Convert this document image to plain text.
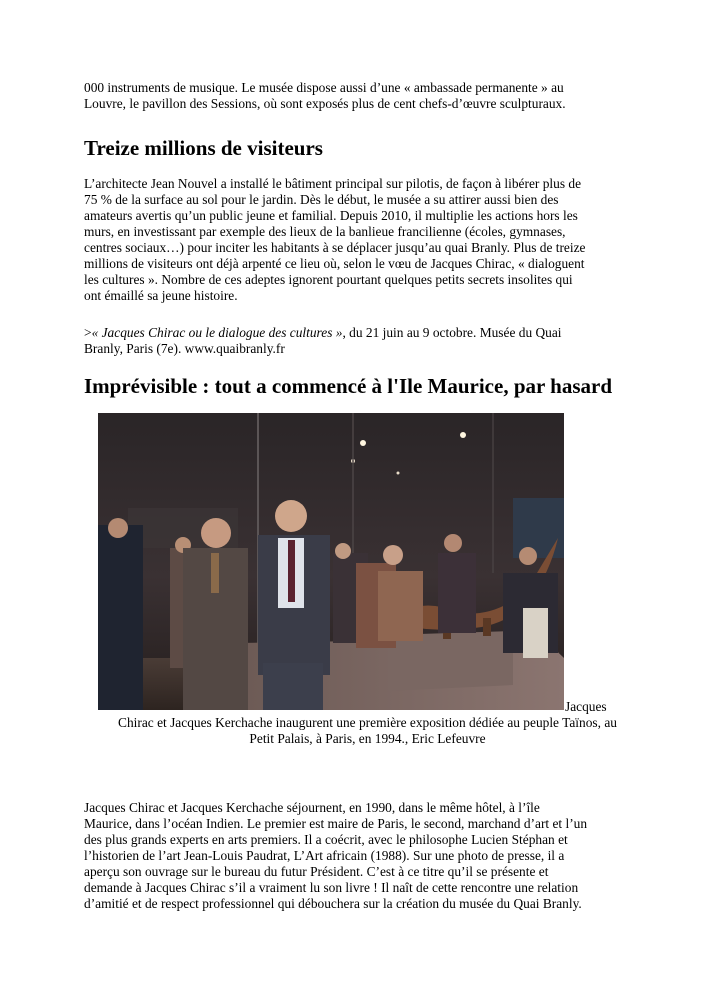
000 instruments de musique. Le musée dispose aussi d’une « ambassade permanente » au
Louvre, le pavillon des Sessions, où sont exposés plus de cent chefs-d’œuvre sculpturaux.

Treize millions de visiteurs

L’architecte Jean Nouvel a installé le bâtiment principal sur pilotis, de façon à libérer plus de
75 % de la surface au sol pour le jardin. Dès le début, le musée a su attirer aussi bien des
amateurs avertis qu’un public jeune et familial. Depuis 2010, il multiplie les actions hors les
murs, en investissant par exemple des lieux de la banlieue francilienne (écoles, gymnases,
centres sociaux…) pour inciter les habitants à se déplacer jusqu’au quai Branly. Plus de treize
millions de visiteurs ont déjà arpenté ce lieu où, selon le vœu de Jacques Chirac, « dialoguent
les cultures ». Nombre de ces adeptes ignorent pourtant quelques petits secrets insolites qui
ont émaillé sa jeune histoire.

>« Jacques Chirac ou le dialogue des cultures », du 21 juin au 9 octobre. Musée du Quai
Branly, Paris (7e). www.quaibranly.fr

Imprévisible : tout a commencé à l'Ile Maurice, par hasard
Jacques

Chirac et Jacques Kerchache inaugurent une première exposition dédiée au peuple Taïnos, au
Petit Palais, à Paris, en 1994., Eric Lefeuvre

Jacques Chirac et Jacques Kerchache séjournent, en 1990, dans le même hôtel, à l’île
Maurice, dans l’océan Indien. Le premier est maire de Paris, le second, marchand d’art et l’un
des plus grands experts en arts premiers. Il a coécrit, avec le philosophe Lucien Stéphan et
l’historien de l’art Jean-Louis Paudrat, L’Art africain (1988). Sur une photo de presse, il a
aperçu son ouvrage sur le bureau du futur Président. C’est à ce titre qu’il se présente et
demande à Jacques Chirac s’il a vraiment lu son livre ! Il naît de cette rencontre une relation
d’amitié et de respect professionnel qui débouchera sur la création du musée du Quai Branly.
